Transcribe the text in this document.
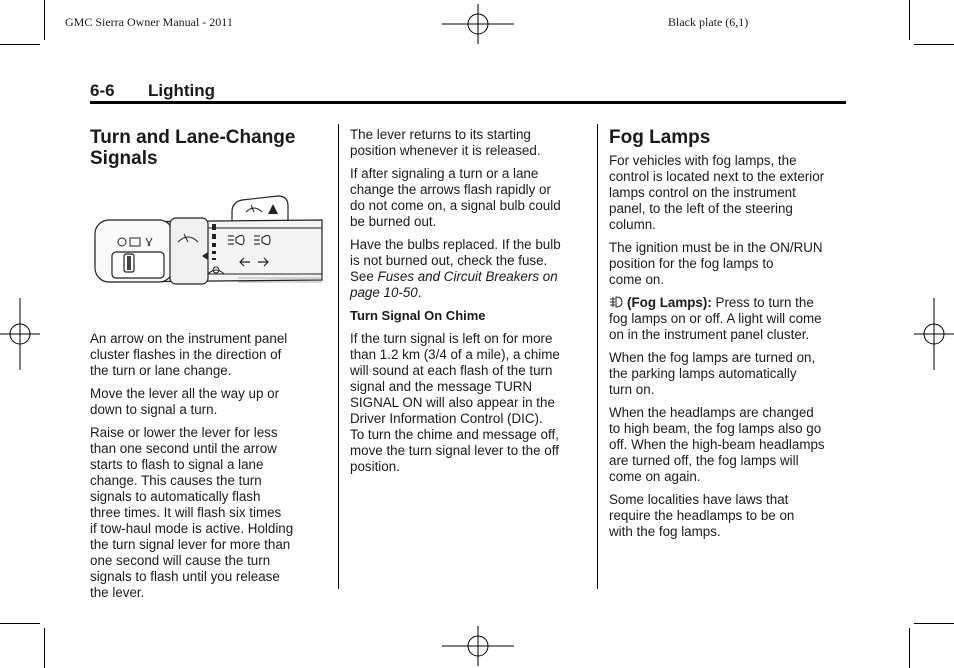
GMC Sierra Owner Manual - 2011	Black plate (6,1)
6-6 Lighting
Turn and Lane-Change
Signals

An arrow on the instrument panel
cluster flashes in the direction of
the turn or lane change.

Move the lever all the way up or
down to signal a turn.

Raise or lower the lever for less
than one second until the arrow
starts to flash to signal a lane
change. This causes the turn
signals to automatically flash
three times. It will flash six times
if tow-haul mode is active. Holding
the turn signal lever for more than
one second will cause the turn
signals to flash until you release
the lever.

The lever returns to its starting
position whenever it is released.

If after signaling a turn or a lane
change the arrows flash rapidly or
do not come on, a signal bulb could
be burned out.

Have the bulbs replaced. If the bulb
is not burned out, check the fuse.
See Fuses and Circuit Breakers on
page 10-50.

Turn Signal On Chime

If the turn signal is left on for more
than 1.2 km (3/4 of a mile), a chime
will sound at each flash of the turn
signal and the message TURN
SIGNAL ON will also appear in the
Driver Information Control (DIC).
To turn the chime and message off,
move the turn signal lever to the off
position.

Fog Lamps

For vehicles with fog lamps, the
control is located next to the exterior
lamps control on the instrument
panel, to the left of the steering
column.

The ignition must be in the ON/RUN
position for the fog lamps to
come on.

(Fog Lamps): Press to turn the
fog lamps on or off. A light will come
on in the instrument panel cluster.

When the fog lamps are turned on,
the parking lamps automatically
turn on.

When the headlamps are changed
to high beam, the fog lamps also go
off. When the high-beam headlamps
are turned off, the fog lamps will
come on again.

Some localities have laws that
require the headlamps to be on
with the fog lamps.
